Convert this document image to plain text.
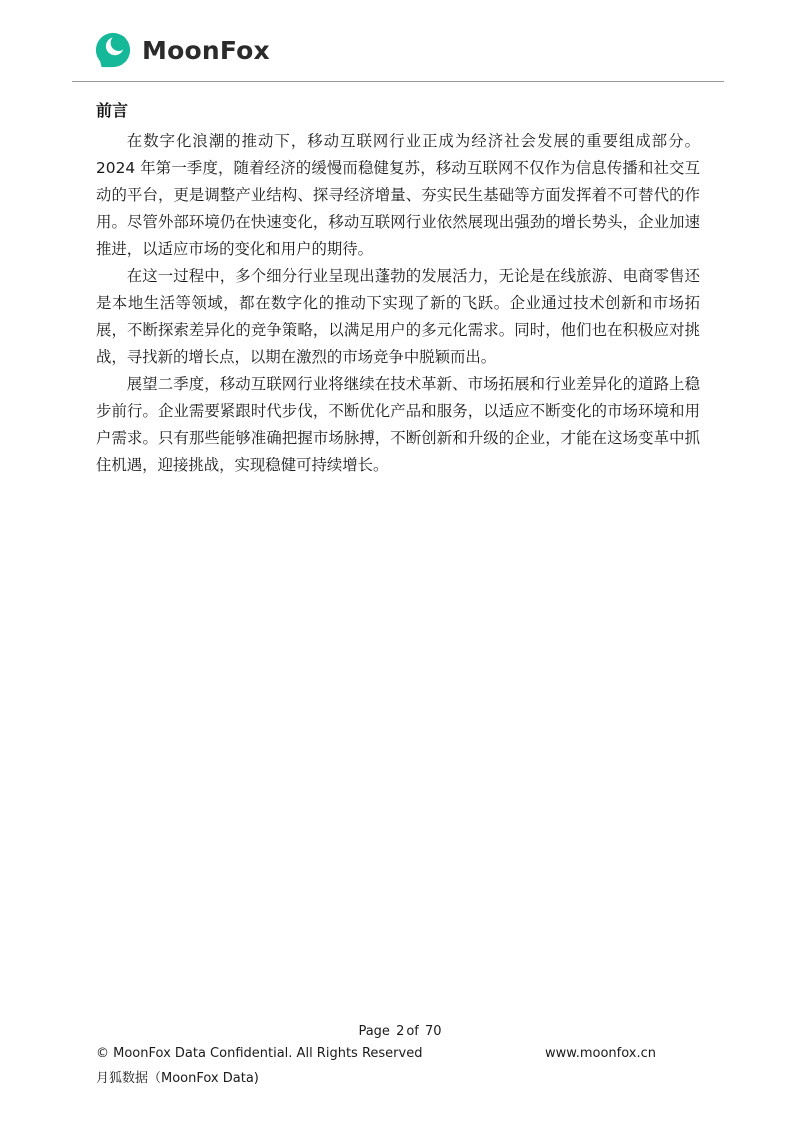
MoonFox
前言

在数字化浪潮的推动下，移动互联网行业正成为经济社会发展的重要组成部分。2024 年第一季度，随着经济的缓慢而稳健复苏，移动互联网不仅作为信息传播和社交互动的平台，更是调整产业结构、探寻经济增量、夯实民生基础等方面发挥着不可替代的作用。尽管外部环境仍在快速变化，移动互联网行业依然展现出强劲的增长势头，企业加速推进，以适应市场的变化和用户的期待。

在这一过程中，多个细分行业呈现出蓬勃的发展活力，无论是在线旅游、电商零售还是本地生活等领域，都在数字化的推动下实现了新的飞跃。企业通过技术创新和市场拓展，不断探索差异化的竞争策略，以满足用户的多元化需求。同时，他们也在积极应对挑战，寻找新的增长点，以期在激烈的市场竞争中脱颖而出。

展望二季度，移动互联网行业将继续在技术革新、市场拓展和行业差异化的道路上稳步前行。企业需要紧跟时代步伐，不断优化产品和服务，以适应不断变化的市场环境和用户需求。只有那些能够准确把握市场脉搏，不断创新和升级的企业，才能在这场变革中抓住机遇，迎接挑战，实现稳健可持续增长。

Page 2 of 70
© MoonFox Data Confidential. All Rights Reserved	www.moonfox.cn
月狐数据（MoonFox Data)
